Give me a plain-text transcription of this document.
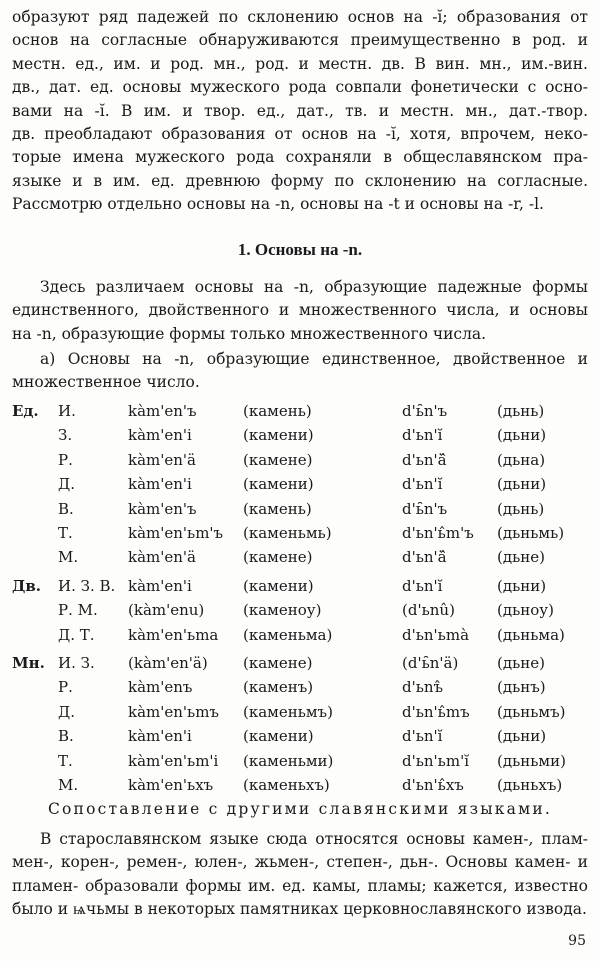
образуют ряд падежей по склонению основ на -ĭ; образования от
основ на согласные обнаруживаются преимущественно в род. и
местн. ед., им. и род. мн., род. и местн. дв. В вин. мн., им.-вин.
дв., дат. ед. основы мужеского рода совпали фонетически с осно-
вами на -ĭ. В им. и твор. ед., дат., тв. и местн. мн., дат.-твор.
дв. преобладают образования от основ на -ĭ, хотя, впрочем, неко-
торые имена мужеского рода сохраняли в общеславянском пра-
языке и в им. ед. древнюю форму по склонению на согласные.
Рассмотрю отдельно основы на -n, основы на -t и основы на -r, -l.
1. Основы на -n.
Здесь различаем основы на -n, образующие падежные формы
единственного, двойственного и множественного числа, и основы
на -n, образующие формы только множественного числа.
а) Основы на -n, образующие единственное, двойственное и
множественное число.
Ед. И.	kàm'en'ъ	(камень)	d'ь̑n'ъ	(дьнь)
З.	kàm'en'i	(камени)	d'ьn'ĭ	(дьни)
Р.	kàm'en'ä	(камене)	d'ьn'ä̂	(дьна)
Д.	kàm'en'i	(камени)	d'ьn'ĭ	(дьни)
В.	kàm'en'ъ	(камень)	d'ь̑n'ъ	(дьнь)
Т.	kàm'en'ьm'ъ (каменьмь)	d'ьn'ь̂m'ъ (дьньмь)
М.	kàm'en'ä	(камене)	d'ьn'ä̂	(дьне)
Дв. И. З. В. kàm'en'i	(камени)	d'ьn'ĭ	(дьни)
Р. М. (kàm'enu)	(каменоу)	(d'ьnû)	(дьноу)
Д. Т. kàm'en'ьma (каменьма)	d'ьn'ьmà (дьньма)
Мн. И. З. (kàm'en'ä) (камене)	(d'ь̑n'ä)	(дьне)
Р.	kàm'enъ	(каменъ)	d'ьnъ̂	(дьнъ)
Д.	kàm'en'ьmъ (каменьмъ)	d'ьn'ь̂mъ (дьньмъ)
В.	kàm'en'i	(камени)	d'ьn'ĭ	(дьни)
Т.	kàm'en'ьm'i (каменьми)	d'ьn'ьm'ĭ (дьньми)
М.	kàm'en'ьxъ (каменьхъ)	d'ьn'ь̂xъ (дьньхъ)
Сопоставление с другими славянскими языками.
В старославянском языке сюда относятся основы камен-, плам-
мен-, корен-, ремен-, юлен-, жьмен-, степен-, дьн-. Основы камен- и
пламен- образовали формы им. ед. камы, пламы; кажется, известно
было и ѩчьмы в некоторых памятниках церковнославянского извода.
95
